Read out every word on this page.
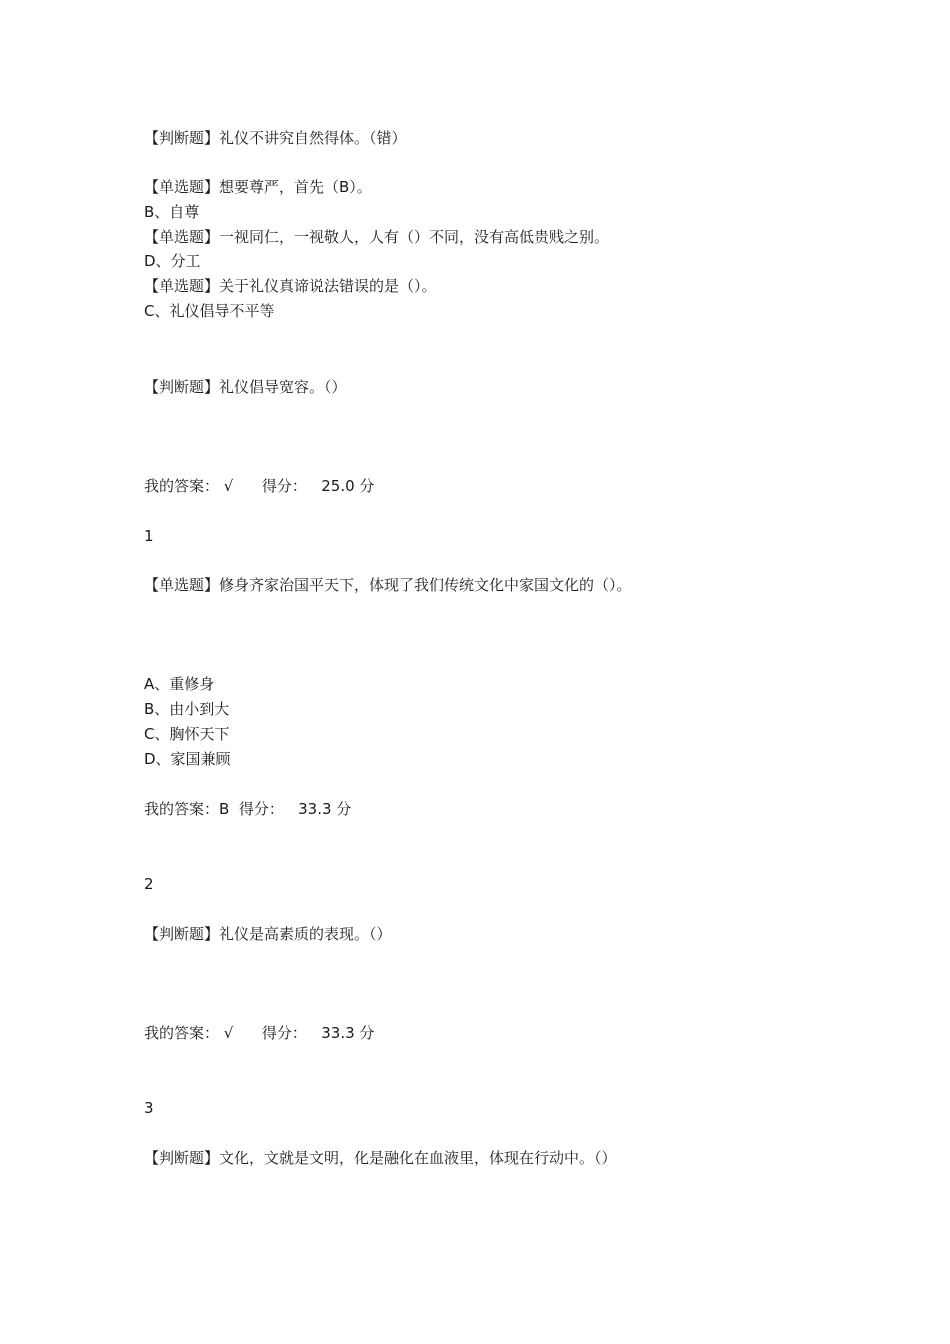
【判断题】礼仪不讲究自然得体。（错）
【单选题】想要尊严，首先（B）。
B、自尊
【单选题】一视同仁，一视敬人，人有（）不同，没有高低贵贱之别。
D、分工
【单选题】关于礼仪真谛说法错误的是（）。
C、礼仪倡导不平等
【判断题】礼仪倡导宽容。（）
我的答案： √      得分：   25.0 分
1
【单选题】修身齐家治国平天下，体现了我们传统文化中家国文化的（）。
A、重修身
B、由小到大
C、胸怀天下
D、家国兼顾
我的答案：B  得分：   33.3 分
2
【判断题】礼仪是高素质的表现。（）
我的答案： √      得分：   33.3 分
3
【判断题】文化，文就是文明，化是融化在血液里，体现在行动中。（）
